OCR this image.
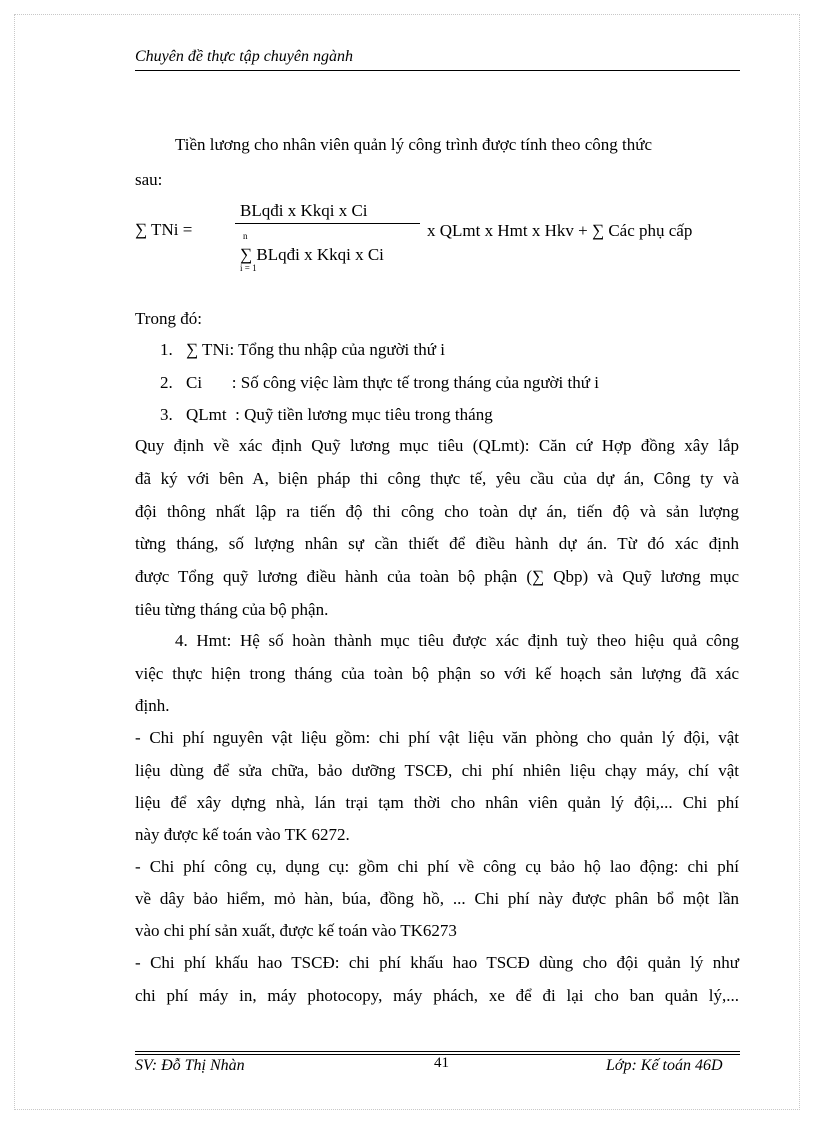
Chuyên đề thực tập chuyên ngành
Tiền lương cho nhân viên quản lý công trình được tính theo công thức
sau:
∑ TNi =
BLqđi x Kkqi x Ci
n
∑ BLqđi x Kkqi x Ci
i = 1
x QLmt x Hmt x Hkv + ∑ Các phụ cấp
Trong đó:
1. ∑ TNi: Tổng thu nhập của người thứ i
2. Ci       : Số công việc làm thực tế trong tháng của người thứ i
3. QLmt  : Quỹ tiền lương mục tiêu trong tháng
Quy định về xác định Quỹ lương mục tiêu (QLmt): Căn cứ Hợp đồng xây lắp
đã ký với bên A, biện pháp thi công thực tế, yêu cầu của dự án, Công ty và
đội thông nhất lập ra tiến độ thi công cho toàn dự án, tiến độ và sản lượng
từng tháng, số lượng nhân sự cần thiết để điều hành dự án. Từ đó xác định
được Tổng quỹ lương điều hành của toàn bộ phận (∑ Qbp) và Quỹ lương mục
tiêu từng tháng của bộ phận.
4. Hmt: Hệ số hoàn thành mục tiêu được xác định tuỳ theo hiệu quả công
việc thực hiện trong tháng của toàn bộ phận so với kế hoạch sản lượng đã xác
định.
- Chi phí nguyên vật liệu gồm: chi phí vật liệu văn phòng cho quản lý đội, vật
liệu dùng để sửa chữa, bảo dưỡng TSCĐ, chi phí nhiên liệu chạy máy, chí vật
liệu để xây dựng nhà, lán trại tạm thời cho nhân viên quản lý đội,... Chi phí
này được kế toán vào TK 6272.
- Chi phí công cụ, dụng cụ: gồm chi phí về công cụ bảo hộ lao động: chi phí
về dây bảo hiểm, mỏ hàn, búa, đồng hồ, ... Chi phí này được phân bổ một lần
vào chi phí sản xuất, được kế toán vào TK6273
- Chi phí khấu hao TSCĐ: chi phí khấu hao TSCĐ dùng cho đội quản lý như
chi phí máy in, máy photocopy, máy phách, xe để đi lại cho ban quản lý,...
SV: Đỗ Thị Nhàn	41	Lớp: Kế toán 46D
